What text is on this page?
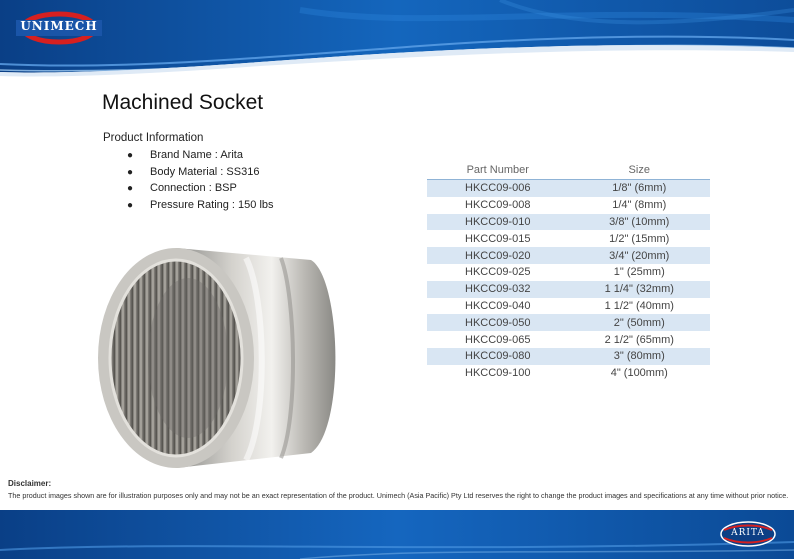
UNIMECH
Machined Socket
Product Information
● Brand Name : Arita
● Body Material : SS316
● Connection : BSP
● Pressure Rating : 150 lbs
Part Number	Size
HKCC09-006	1/8" (6mm)
HKCC09-008	1/4" (8mm)
HKCC09-010	3/8" (10mm)
HKCC09-015	1/2" (15mm)
HKCC09-020	3/4" (20mm)
HKCC09-025	1" (25mm)
HKCC09-032	1 1/4" (32mm)
HKCC09-040	1 1/2" (40mm)
HKCC09-050	2" (50mm)
HKCC09-065	2 1/2" (65mm)
HKCC09-080	3" (80mm)
HKCC09-100	4" (100mm)
Disclaimer:
The product images shown are for illustration purposes only and may not be an exact representation of the product. Unimech (Asia Pacific) Pty Ltd reserves the right to change the product images and specifications at any time without prior notice.
ARITA
